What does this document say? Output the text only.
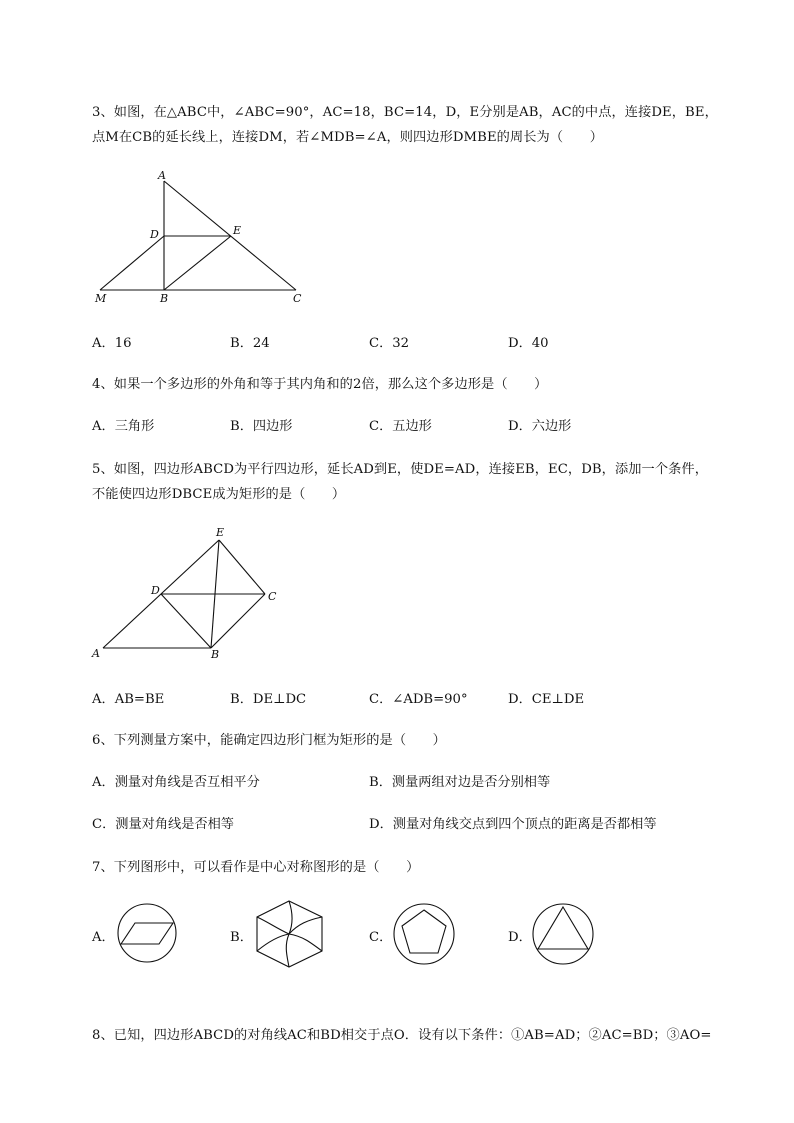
3、如图，在△ABC中，∠ABC=90°，AC=18，BC=14，D，E分别是AB，AC的中点，连接DE，BE，
点M在CB的延长线上，连接DM，若∠MDB=∠A，则四边形DMBE的周长为（　　）
A
D	E
M	B	C
A．16	B．24	C．32	D．40
4、如果一个多边形的外角和等于其内角和的2倍，那么这个多边形是（　　）
A．三角形	B．四边形	C．五边形	D．六边形
5、如图，四边形ABCD为平行四边形，延长AD到E，使DE=AD，连接EB，EC，DB，添加一个条件，
不能使四边形DBCE成为矩形的是（　　）
E
D	C
A	B
A．AB=BE	B．DE⊥DC	C．∠ADB=90°	D．CE⊥DE
6、下列测量方案中，能确定四边形门框为矩形的是（　　）
A．测量对角线是否互相平分	B．测量两组对边是否分别相等
C．测量对角线是否相等	D．测量对角线交点到四个顶点的距离是否都相等
7、下列图形中，可以看作是中心对称图形的是（　　）
A．	B．	C．	D．
8、已知，四边形ABCD的对角线AC和BD相交于点O．设有以下条件：①AB=AD；②AC=BD；③AO=
